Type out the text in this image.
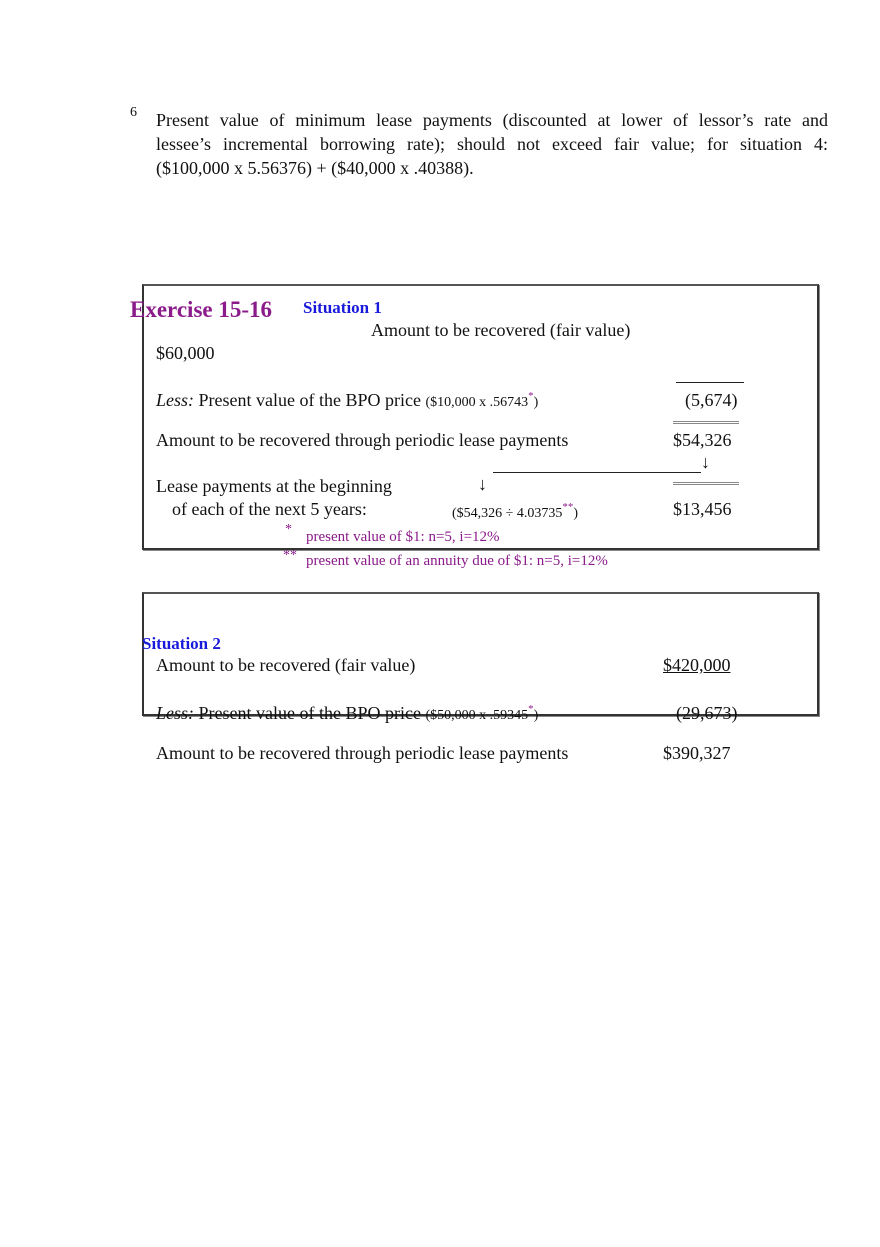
6 Present value of minimum lease payments (discounted at lower of lessor’s rate and
lessee’s incremental borrowing rate); should not exceed fair value; for situation 4:
($100,000 x 5.56376) + ($40,000 x .40388).
Exercise 15-16 Situation 1
Amount to be recovered (fair value)
$60,000
Less: Present value of the BPO price ($10,000 x .56743*)	(5,674)
Amount to be recovered through periodic lease payments	$54,326
↓
Lease payments at the beginning	↓
of each of the next 5 years:	($54,326 ÷ 4.03735**)	$13,456
* present value of $1: n=5, i=12%
** present value of an annuity due of $1: n=5, i=12%
Situation 2
Amount to be recovered (fair value)	$420,000
Less: Present value of the BPO price ($50,000 x .59345*)	(29,673)
Amount to be recovered through periodic lease payments	$390,327
